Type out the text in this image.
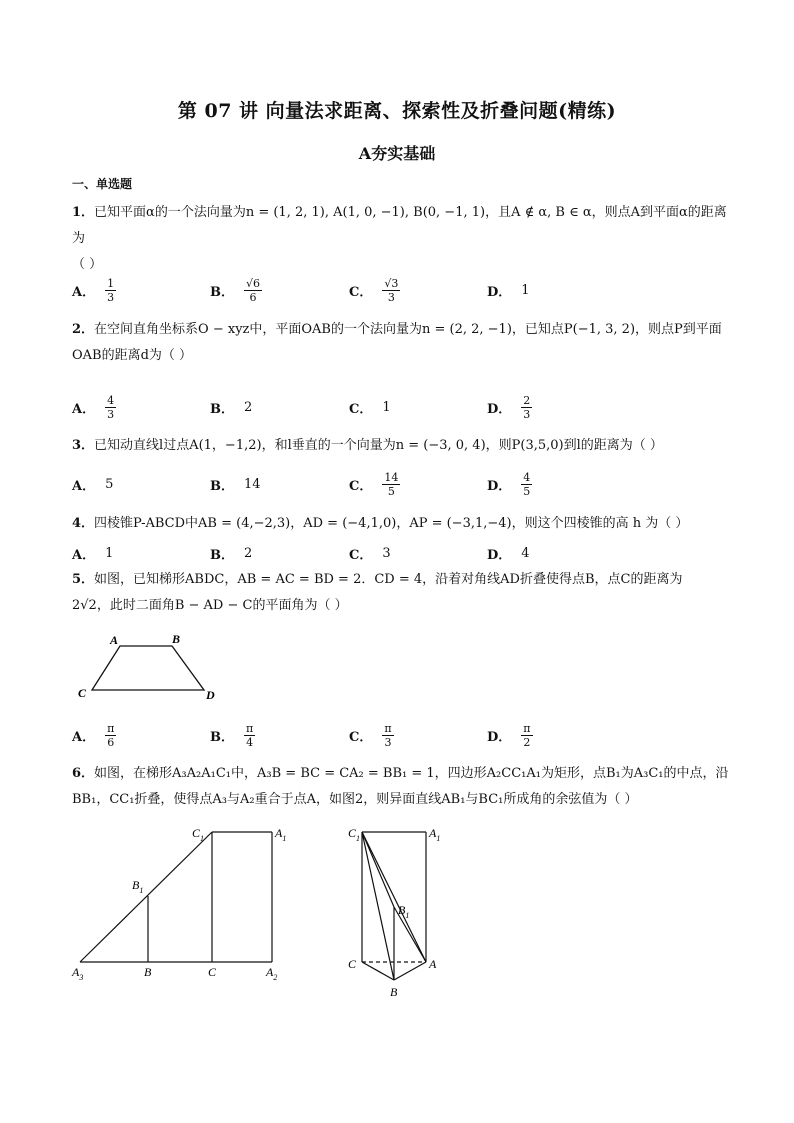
第 07 讲 向量法求距离、探索性及折叠问题(精练)
A夯实基础
一、单选题
1．已知平面α的一个法向量为n = (1, 2, 1), A(1, 0, −1), B(0, −1, 1)，且A ∉ α, B ∈ α，则点A到平面α的距离为
（ ）
A． $\frac{1}{3}$	B． $\frac{√6}{6}$	C． $\frac{√3}{3}$	D． 1
2．在空间直角坐标系O − xyz中，平面OAB的一个法向量为n = (2, 2, −1)，已知点P(−1, 3, 2)，则点P到平面
OAB的距离d为（ ）
A． $\frac{4}{3}$	B． 2	C． 1	D． $\frac{2}{3}$
3．已知动直线l过点A(1，−1,2)，和l垂直的一个向量为n = (−3, 0, 4)，则P(3,5,0)到l的距离为（ ）
A． 5	B． 14	C． $\frac{14}{5}$	D． $\frac{4}{5}$
4．四棱锥P-ABCD中AB = (4,−2,3)，AD = (−4,1,0)，AP = (−3,1,−4)，则这个四棱锥的高 h 为（ ）
A． 1	B． 2	C． 3	D． 4
5．如图，已知梯形ABDC，AB = AC = BD = 2．CD = 4，沿着对角线AD折叠使得点B，点C的距离为
2√2，此时二面角B − AD − C的平面角为（ ）
A	B
C	D
A． $\frac{\pi}{6}$	B． $\frac{\pi}{4}$	C． $\frac{\pi}{3}$	D． $\frac{\pi}{2}$
6．如图，在梯形A₃A₂A₁C₁中，A₃B = BC = CA₂ = BB₁ = 1，四边形A₂CC₁A₁为矩形，点B₁为A₃C₁的中点，沿
BB₁，CC₁折叠，使得点A₃与A₂重合于点A，如图2，则异面直线AB₁与BC₁所成角的余弦值为（ ）
$C_1$	$A_1$
$B_1$
$A_3$	B	C	$A_2$
$C_1$	$A_1$
$B_1$
C	A
B
